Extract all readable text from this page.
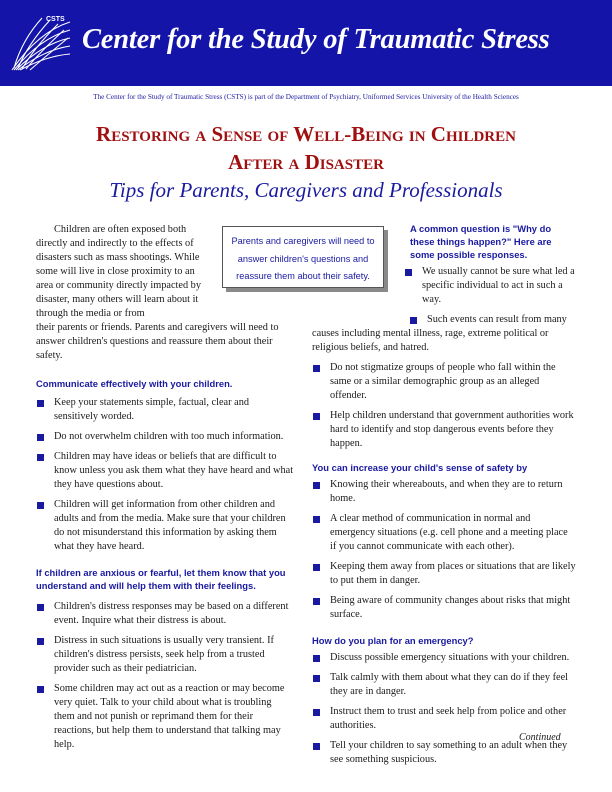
CSTS
Center for the Study of Traumatic Stress
The Center for the Study of Traumatic Stress (CSTS) is part of the Department of Psychiatry, Uniformed Services University of the Health Sciences
Restoring a Sense of Well-Being in Children
After a Disaster
Tips for Parents, Caregivers and Professionals
Parents and caregivers will need to answer children's questions and reassure them about their safety.

Children are often exposed both directly and indirectly to the effects of disasters such as mass shootings. While some will live in close proximity to an area or community directly impacted by disaster, many others will learn about it through the media or from
their parents or friends. Parents and caregivers will need to answer children's questions and reassure them about their safety.

Communicate effectively with your children.

Keep your statements simple, factual, clear and sensitively worded.
Do not overwhelm children with too much information.
Children may have ideas or beliefs that are difficult to know unless you ask them what they have heard and what they have questions about.
Children will get information from other children and adults and from the media. Make sure that your children do not misunderstand this information by asking them what they have heard.

If children are anxious or fearful, let them know that you understand and will help them with their feelings.

Children's distress responses may be based on a different event. Inquire what their distress is about.
Distress in such situations is usually very transient. If children's distress persists, seek help from a trusted provider such as their pediatrician.
Some children may act out as a reaction or may become very quiet. Talk to your child about what is troubling them and not punish or reprimand them for their reactions, but help them to understand that talking may help.

A common question is "Why do these things happen?" Here are some possible responses.

We usually cannot be sure what led a specific individual to act in such a way.
Such events can result from many causes including mental illness, rage, extreme political or religious beliefs, and hatred.
Do not stigmatize groups of people who fall within the same or a similar demographic group as an alleged offender.
Help children understand that government authorities work hard to identify and stop dangerous events before they happen.

You can increase your child's sense of safety by

Knowing their whereabouts, and when they are to return home.
A clear method of communication in normal and emergency situations (e.g. cell phone and a meeting place if you cannot communicate with each other).
Keeping them away from places or situations that are likely to put them in danger.
Being aware of community changes about risks that might surface.

How do you plan for an emergency?

Discuss possible emergency situations with your children.
Talk calmly with them about what they can do if they feel they are in danger.
Instruct them to trust and seek help from police and other authorities.
Tell your children to say something to an adult when they see something suspicious.
Continued
